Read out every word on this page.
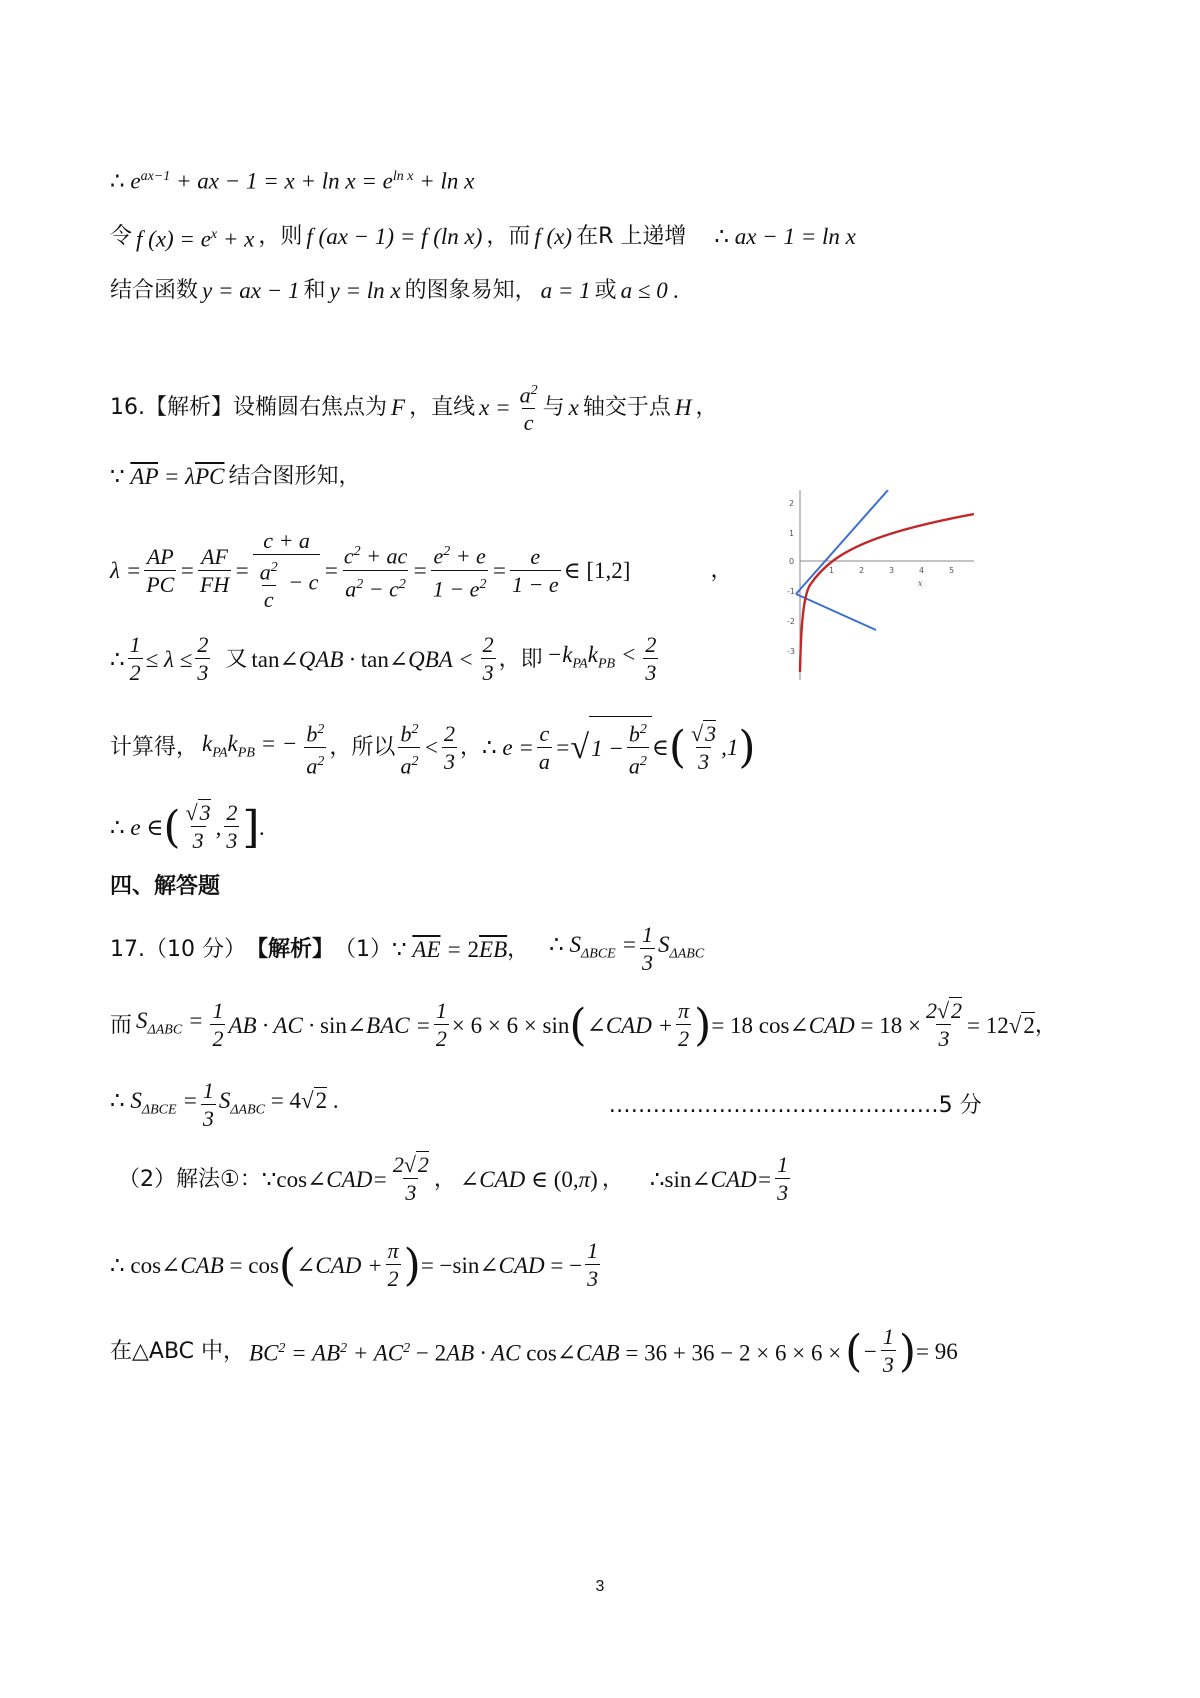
∴ $e^{ax-1}$ + ax − $1 = x + \ln x = e^{ln x} + \ln x$
令 f $(x) = e^x + x$ ，则 f (ax − 1) = f (ln x) ，而 f (x) 在R 上递增 ∴ ax − 1 = ln x
结合函数 y = ax − 1 和 y = ln x 的图象易知， a = 1 或 a ≤ 0 .
16. 【解析】 设椭圆右焦点为 F ，直线 $x = \frac{a^2}{c}$ 与 x 轴交于点 H ，
∵ $\overline{AP} = \lambda\overline{PC}$ 结合图形知，
$\lambda = \frac{AP}{PC} = \frac{AF}{FH} = \frac{c + a}{\frac{a^2}{c} - c} = \frac{c^2 + ac}{a^2 - c^2} = \frac{e^2 + e}{1 - e^2} = \frac{e}{1 - e}$ ∈ [1,2]	，
∴ $\frac{1}{2} \le \lambda \le \frac{2}{3}$ 又 tan∠QAB · tan∠QBA < $\frac{2}{3}$ ，即 $-k_{PA}k_{PB} < \frac{2}{3}$
计算得， $k_{PA}k_{PB}$ = − $\frac{b^2}{a^2}$ ，所以 $\frac{b^2}{a^2} < \frac{2}{3}$ ， ∴ $e = \frac{c}{a}$ = √ $1 - \frac{b^2}{a^2}$ ∈ ( $\frac{√3}{3} ,1$ )
∴ e ∈ ( $\frac{√3}{3}$ , $\frac{2}{3}$ ] .
四、解答题
17.（10 分） 【解析】 （1） ∵ $\overline{AE} = 2\overline{EB}$ ， ∴ $S_{\Delta BCE} = \frac{1}{3} S_{\Delta ABC}$
而 $S_{\Delta ABC} = \frac{1}{2}$ AB · AC · sin∠BAC = $\frac{1}{2} \times 6 \times 6 \times \sin$ ( ∠CAD + $\frac{\pi}{2}$ ) = 18 cos∠CAD = $18 \times \frac{2√2}{3} = 12√2$ ，
∴ $S_{\Delta BCE} = \frac{1}{3} S_{\Delta ABC} = 4√2$ .	………………………………………5 分
（2）解法①： ∵cos∠CAD= $\frac{2√2}{3}$ ， ∠CAD ∈ (0,π) ， ∴sin∠CAD= $\frac{1}{3}$
∴ cos∠CAB = cos ( ∠CAD + $\frac{\pi}{2}$ ) = −sin∠CAD = − $\frac{1}{3}$
在△ABC 中， $BC^2 = AB^2 + AC^2 - 2AB$ · AC cos∠CAB = 36 + 36 − 2 × 6 × 6 × ( − $\frac{1}{3}$ ) = 96
2
1
0
-1
-2
-3
1	2	3	4	5
x
3
